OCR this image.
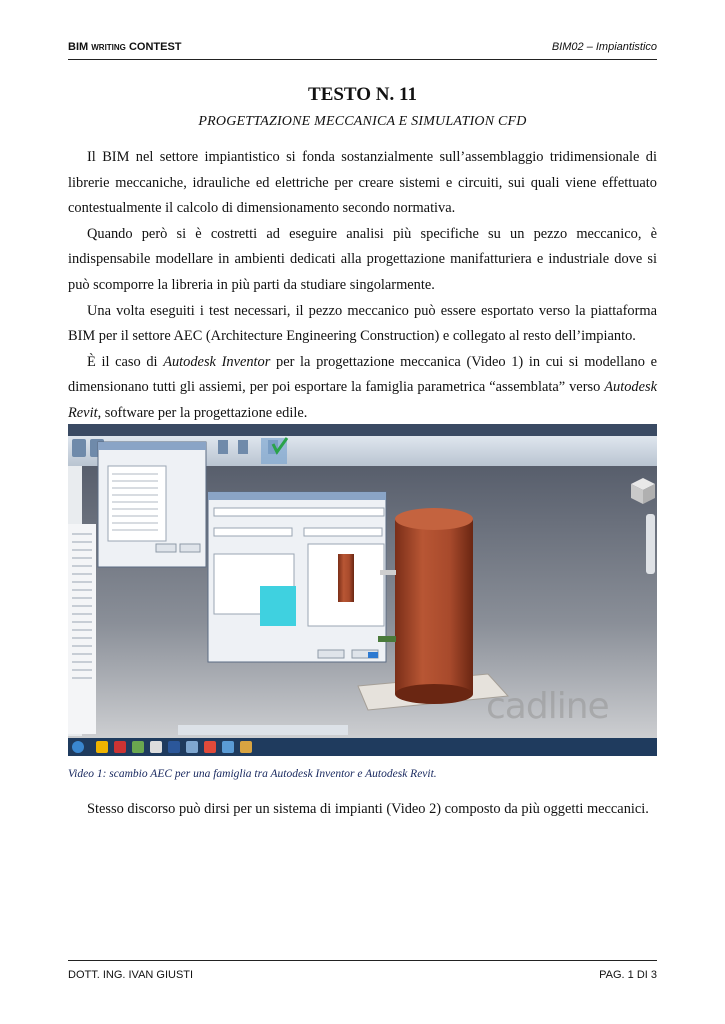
BIM WRITING CONTEST	BIM02 – Impiantistico
TESTO N. 11
PROGETTAZIONE MECCANICA E SIMULATION CFD

Il BIM nel settore impiantistico si fonda sostanzialmente sull’assemblaggio tridimensionale di librerie meccaniche, idrauliche ed elettriche per creare sistemi e circuiti, sui quali viene effettuato contestualmente il calcolo di dimensionamento secondo normativa.

Quando però si è costretti ad eseguire analisi più specifiche su un pezzo meccanico, è indispensabile modellare in ambienti dedicati alla progettazione manifatturiera e industriale dove si può scomporre la libreria in più parti da studiare singolarmente.

Una volta eseguiti i test necessari, il pezzo meccanico può essere esportato verso la piattaforma BIM per il settore AEC (Architecture Engineering Construction) e collegato al resto dell’impianto.

È il caso di Autodesk Inventor per la progettazione meccanica (Video 1) in cui si modellano e dimensionano tutti gli assiemi, per poi esportare la famiglia parametrica “assemblata” verso Autodesk Revit, software per la progettazione edile.

cadline
Video 1: scambio AEC per una famiglia tra Autodesk Inventor e Autodesk Revit.

Stesso discorso può dirsi per un sistema di impianti (Video 2) composto da più oggetti meccanici.

DOTT. ING. IVAN GIUSTI	PAG. 1 DI 3
